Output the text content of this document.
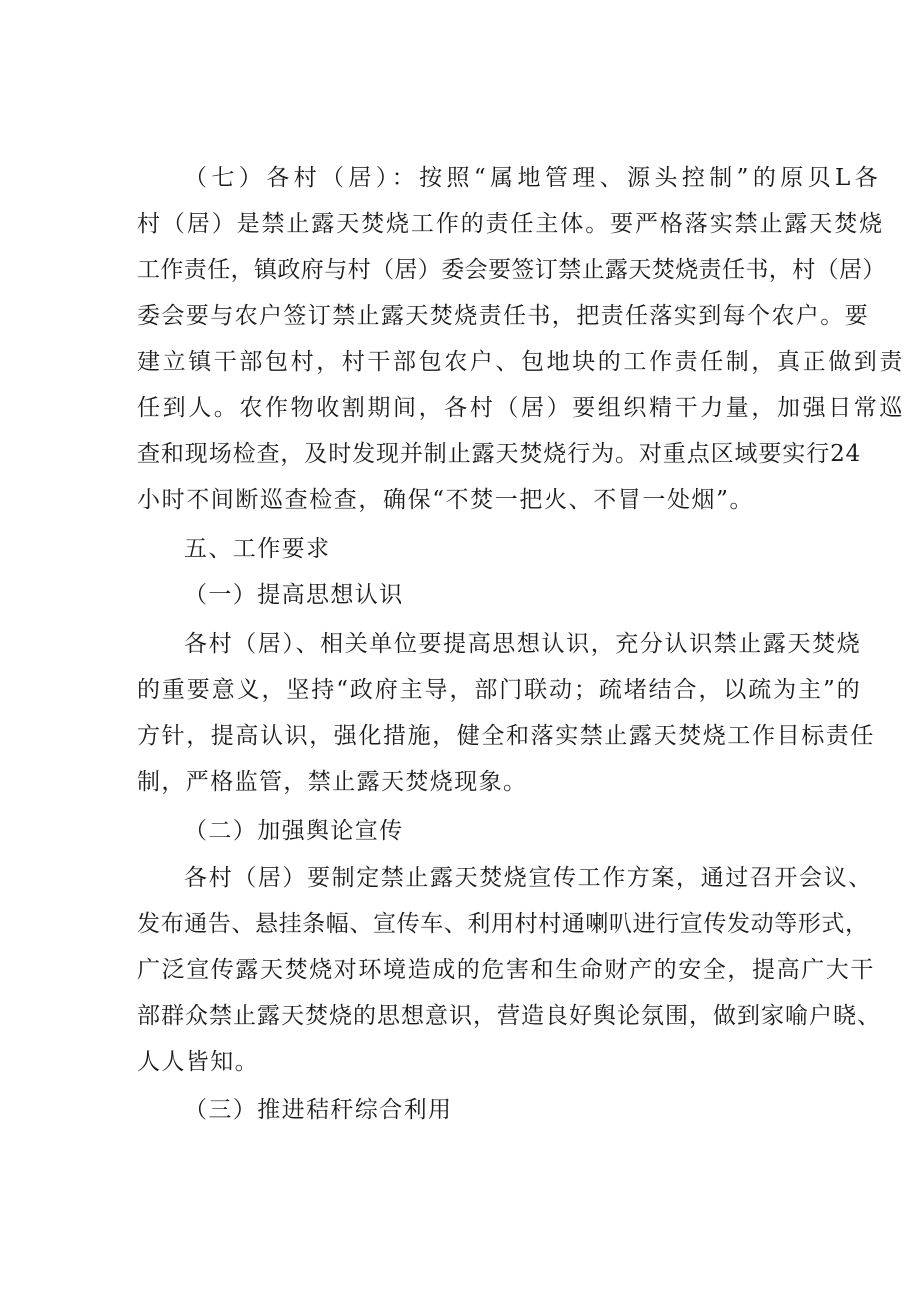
（七）各村（居）：按照“属地管理、源头控制”的原贝L各
村（居）是禁止露天焚烧工作的责任主体。要严格落实禁止露天焚烧
工作责任，镇政府与村（居）委会要签订禁止露天焚烧责任书，村（居）
委会要与农户签订禁止露天焚烧责任书，把责任落实到每个农户。要
建立镇干部包村，村干部包农户、包地块的工作责任制，真正做到责
任到人。农作物收割期间，各村（居）要组织精干力量，加强日常巡
查和现场检查，及时发现并制止露天焚烧行为。对重点区域要实行24
小时不间断巡查检查，确保“不焚一把火、不冒一处烟”。
五、工作要求
（一）提高思想认识
各村（居）、相关单位要提高思想认识，充分认识禁止露天焚烧
的重要意义，坚持“政府主导，部门联动；疏堵结合，以疏为主”的
方针，提高认识，强化措施，健全和落实禁止露天焚烧工作目标责任
制，严格监管，禁止露天焚烧现象。
（二）加强舆论宣传
各村（居）要制定禁止露天焚烧宣传工作方案，通过召开会议、
发布通告、悬挂条幅、宣传车、利用村村通喇叭进行宣传发动等形式，
广泛宣传露天焚烧对环境造成的危害和生命财产的安全，提高广大干
部群众禁止露天焚烧的思想意识，营造良好舆论氛围，做到家喻户晓、
人人皆知。
（三）推进秸秆综合利用
